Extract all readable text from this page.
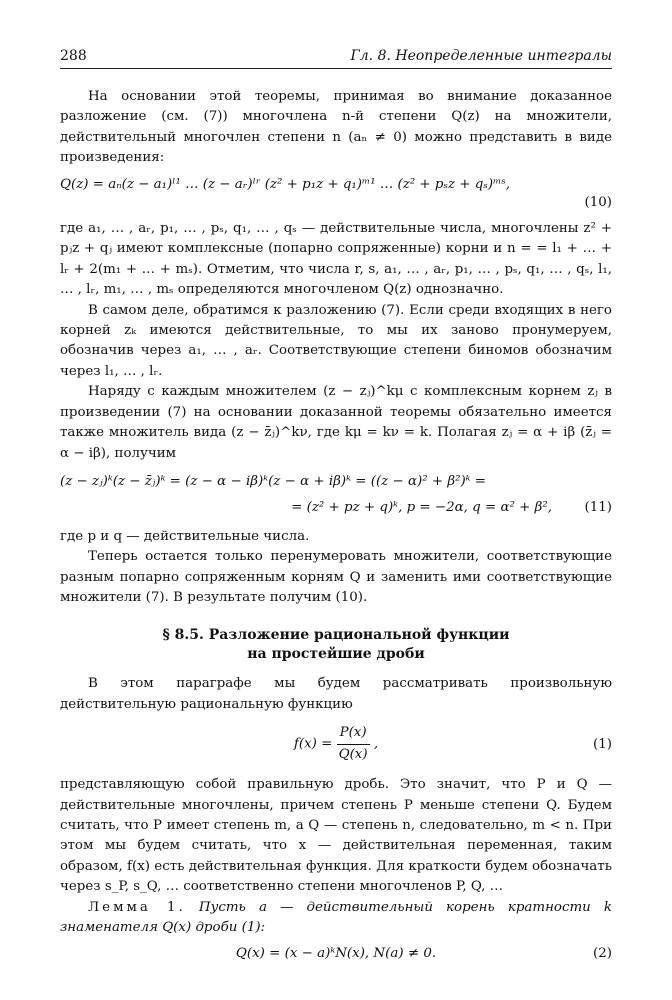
288	Гл. 8. Неопределенные интегралы

На основании этой теоремы, принимая во внимание доказанное разложение (см. (7)) многочлена n-й степени Q(z) на множители, действительный многочлен степени n (aₙ ≠ 0) можно представить в виде произведения:

Q(z) = aₙ(z − a₁)ˡ¹ … (z − aᵣ)ˡʳ (z² + p₁z + q₁)ᵐ¹ … (z² + pₛz + qₛ)ᵐˢ,
(10)

где a₁, … , aᵣ, p₁, … , pₛ, q₁, … , qₛ — действительные числа, многочлены z² + pⱼz + qⱼ имеют комплексные (попарно сопряженные) корни и n = = l₁ + … + lᵣ + 2(m₁ + … + mₛ). Отметим, что числа r, s, a₁, … , aᵣ, p₁, … , pₛ, q₁, … , qₛ, l₁, … , lᵣ, m₁, … , mₛ определяются многочленом Q(z) однозначно.

В самом деле, обратимся к разложению (7). Если среди входящих в него корней zₖ имеются действительные, то мы их заново пронумеруем, обозначив через a₁, … , aᵣ. Соответствующие степени биномов обозначим через l₁, … , lᵣ.

Наряду с каждым множителем (z − zⱼ)^kμ с комплексным корнем zⱼ в произведении (7) на основании доказанной теоремы обязательно имеется также множитель вида (z − z̄ⱼ)^kν, где kμ = kν = k. Полагая zⱼ = α + iβ (z̄ⱼ = α − iβ), получим

(z − zⱼ)ᵏ(z − z̄ⱼ)ᵏ = (z − α − iβ)ᵏ(z − α + iβ)ᵏ = ((z − α)² + β²)ᵏ =
= (z² + pz + q)ᵏ, p = −2α, q = α² + β², (11)

где p и q — действительные числа.

Теперь остается только перенумеровать множители, соответствующие разным попарно сопряженным корням Q и заменить ими соответствующие множители (7). В результате получим (10).

§ 8.5. Разложение рациональной функции
на простейшие дроби

В этом параграфе мы будем рассматривать произвольную действительную рациональную функцию

$f(x) = \frac{P(x)}{Q(x)}$ ,	(1)

представляющую собой правильную дробь. Это значит, что P и Q — действительные многочлены, причем степень P меньше степени Q. Будем считать, что P имеет степень m, а Q — степень n, следовательно, m < n. При этом мы будем считать, что x — действительная переменная, таким образом, f(x) есть действительная функция. Для краткости будем обозначать через s_P, s_Q, … соответственно степени многочленов P, Q, …

Лемма 1. Пусть a — действительный корень кратности k знаменателя Q(x) дроби (1):

Q(x) = (x − a)ᵏN(x), N(a) ≠ 0.	(2)
